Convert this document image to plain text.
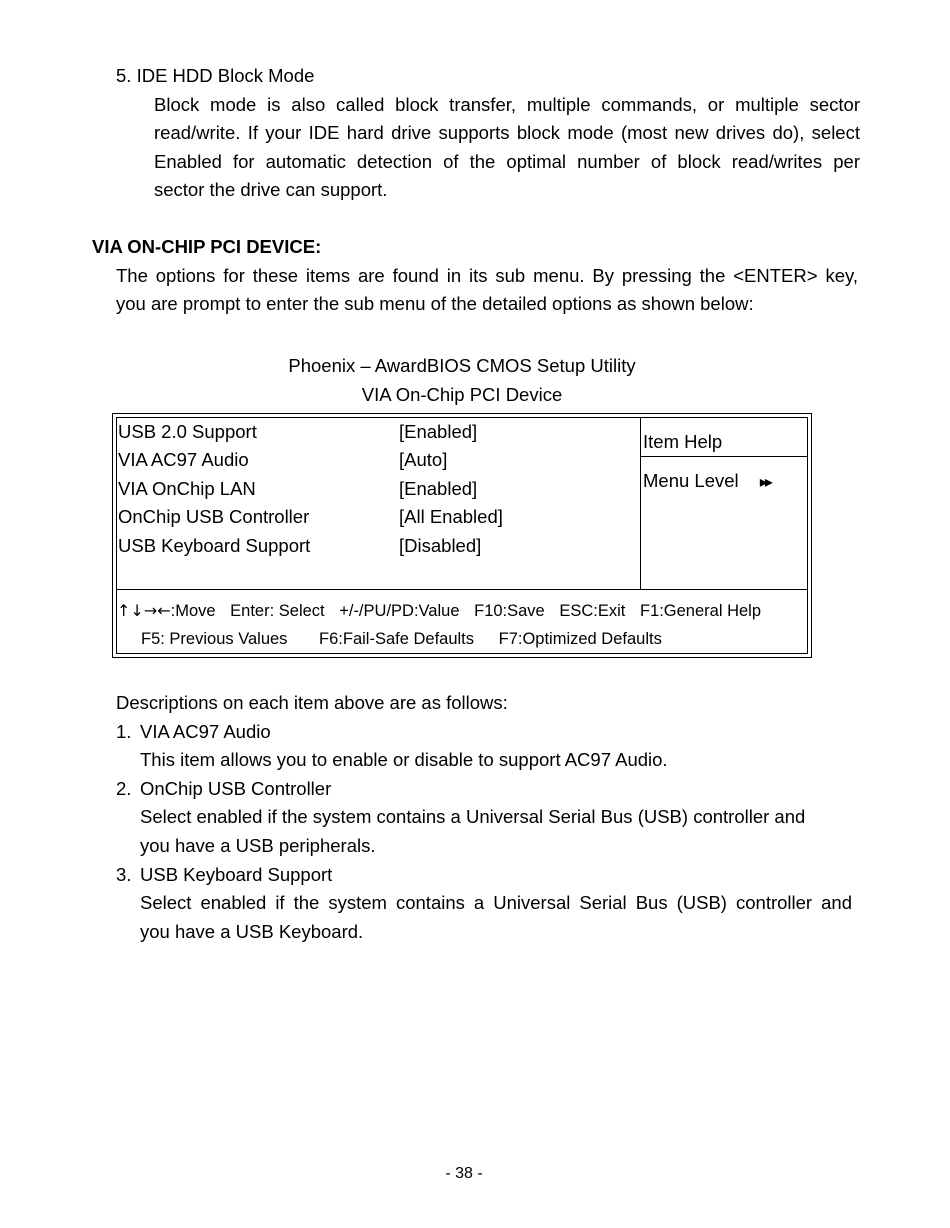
5. IDE HDD Block Mode
Block mode is also called block transfer, multiple commands, or multiple sector
read/write. If your IDE hard drive supports block mode (most new drives do), select
Enabled for automatic detection of the optimal number of block read/writes per
sector the drive can support.
VIA ON-CHIP PCI DEVICE:
The options for these items are found in its sub menu. By pressing the <ENTER> key,
you are prompt to enter the sub menu of the detailed options as shown below:
Phoenix – AwardBIOS CMOS Setup Utility
VIA On-Chip PCI Device
USB 2.0 Support	[Enabled]
VIA AC97 Audio	[Auto]
VIA OnChip LAN	[Enabled]
OnChip USB Controller	[All Enabled]
USB Keyboard Support	[Disabled]
Item Help
Menu Level ▸▸
↑↓→←:Move Enter: Select +/-/PU/PD:Value F10:Save ESC:Exit F1:General Help
F5: Previous Values F6:Fail-Safe Defaults F7:Optimized Defaults
Descriptions on each item above are as follows:
1. VIA AC97 Audio
This item allows you to enable or disable to support AC97 Audio.
2. OnChip USB Controller
Select enabled if the system contains a Universal Serial Bus (USB) controller and
you have a USB peripherals.
3. USB Keyboard Support
Select enabled if the system contains a Universal Serial Bus (USB) controller and
you have a USB Keyboard.
- 38 -
